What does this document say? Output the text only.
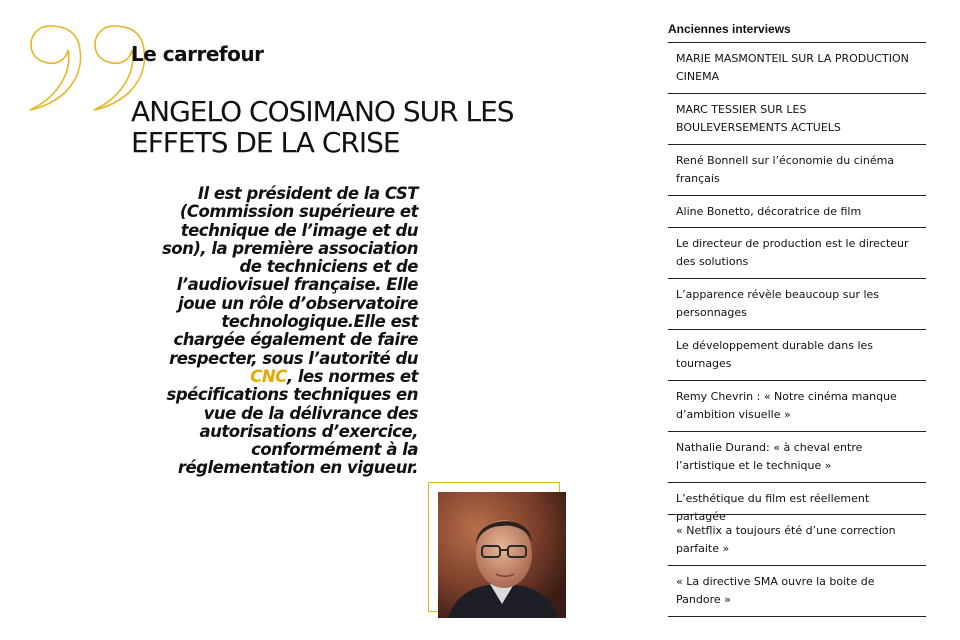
Le carrefour
ANGELO COSIMANO SUR LES
EFFETS DE LA CRISE

Il est président de la CST (Commission supérieure et technique de l’image et du son), la première association de techniciens et de l’audiovisuel française. Elle joue un rôle d’observatoire technologique.Elle est chargée également de faire respecter, sous l’autorité du CNC, les normes et spécifications techniques en vue de la délivrance des autorisations d’exercice, conformément à la réglementation en vigueur.

Anciennes interviews
MARIE MASMONTEIL SUR LA PRODUCTION CINEMA
MARC TESSIER SUR LES BOULEVERSEMENTS ACTUELS
René Bonnell sur l’économie du cinéma français
Aline Bonetto, décoratrice de film
Le directeur de production est le directeur des solutions
L’apparence révèle beaucoup sur les personnages
Le développement durable dans les tournages
Remy Chevrin : « Notre cinéma manque d’ambition visuelle »
Nathalie Durand: « à cheval entre l’artistique et le technique »
L’esthétique du film est réellement partagée
« Netflix a toujours été d’une correction parfaite »
« La directive SMA ouvre la boite de Pandore »
